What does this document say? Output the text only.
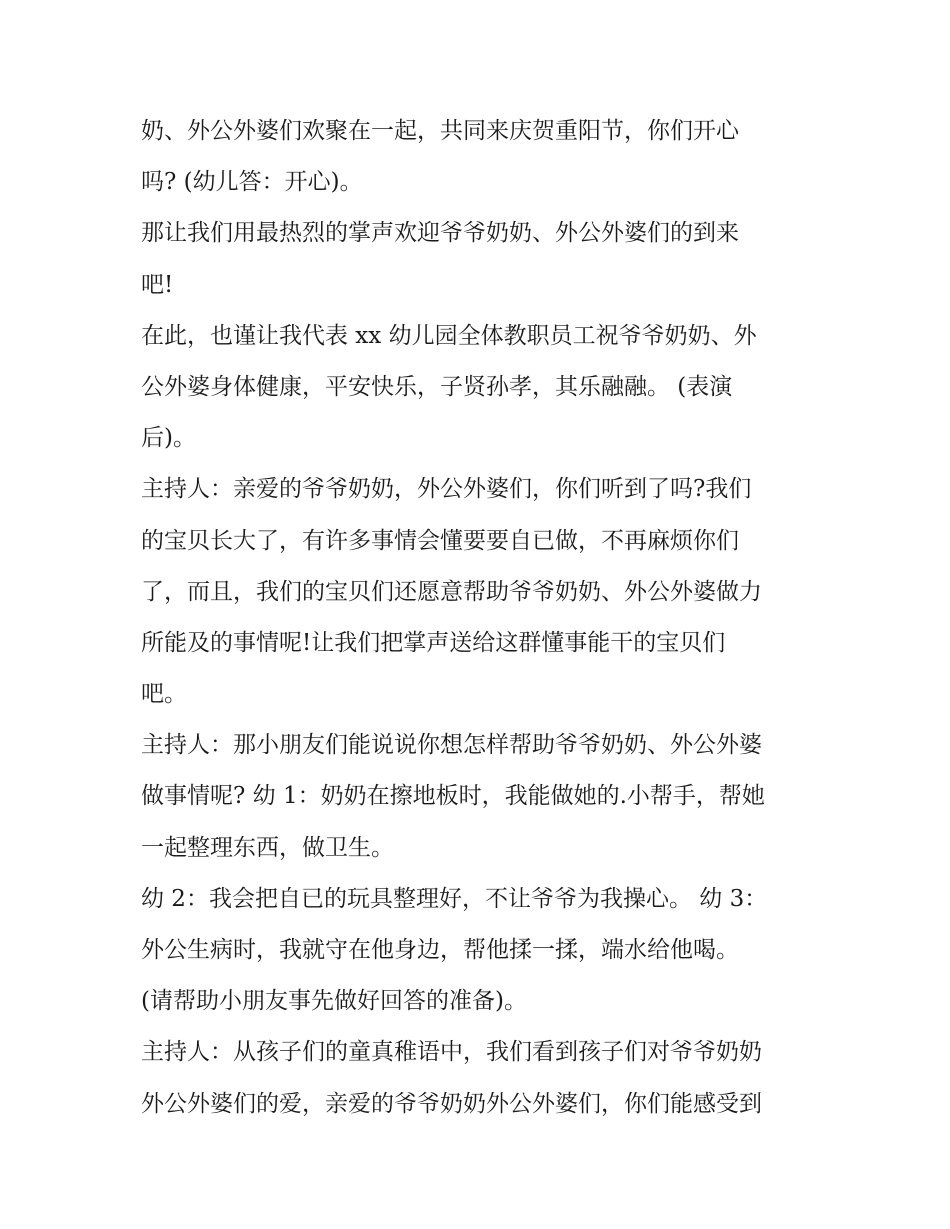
奶、外公外婆们欢聚在一起，共同来庆贺重阳节，你们开心
吗? (幼儿答：开心)。
那让我们用最热烈的掌声欢迎爷爷奶奶、外公外婆们的到来
吧!
在此，也谨让我代表 xx 幼儿园全体教职员工祝爷爷奶奶、外
公外婆身体健康，平安快乐，子贤孙孝，其乐融融。 (表演
后)。
主持人：亲爱的爷爷奶奶，外公外婆们，你们听到了吗?我们
的宝贝长大了，有许多事情会懂要要自已做，不再麻烦你们
了，而且，我们的宝贝们还愿意帮助爷爷奶奶、外公外婆做力
所能及的事情呢!让我们把掌声送给这群懂事能干的宝贝们
吧。
主持人：那小朋友们能说说你想怎样帮助爷爷奶奶、外公外婆
做事情呢? 幼 1：奶奶在擦地板时，我能做她的.小帮手，帮她
一起整理东西，做卫生。
幼 2：我会把自已的玩具整理好，不让爷爷为我操心。 幼 3：
外公生病时，我就守在他身边，帮他揉一揉，端水给他喝。
(请帮助小朋友事先做好回答的准备)。
主持人：从孩子们的童真稚语中，我们看到孩子们对爷爷奶奶
外公外婆们的爱，亲爱的爷爷奶奶外公外婆们，你们能感受到
